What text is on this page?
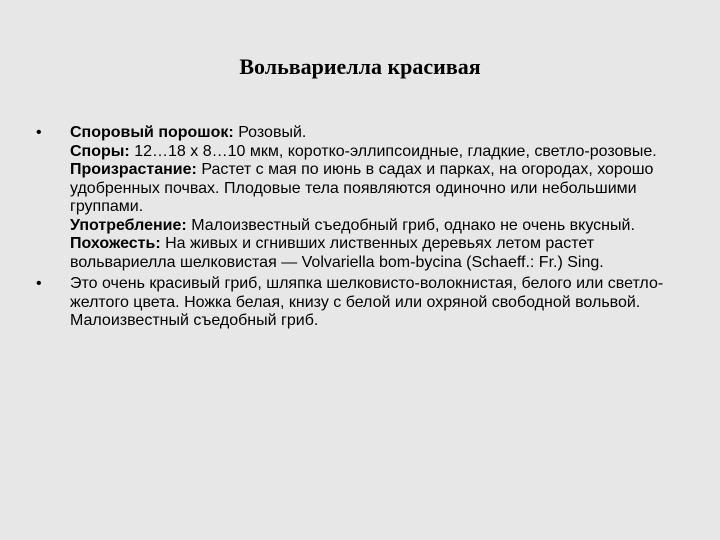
Вольвариелла красивая
•	Споровый порошок: Розовый.
Споры: 12…18 x 8…10 мкм, коротко-эллипсоидные, гладкие, светло-розовые.
Произрастание: Растет с мая по июнь в садах и парках, на огородах, хорошо удобренных почвах. Плодовые тела появляются одиночно или небольшими группами.
Употребление: Малоизвестный съедобный гриб, однако не очень вкусный.
Похожесть: На живых и сгнивших лиственных деревьях летом растет вольвариелла шелковистая — Volvariella bom-bycina (Schaeff.: Fr.) Sing.
•	Это очень красивый гриб, шляпка шелковисто-волокнистая, белого или светло-желтого цвета. Ножка белая, книзу с белой или охряной свободной вольвой. Малоизвестный съедобный гриб.
